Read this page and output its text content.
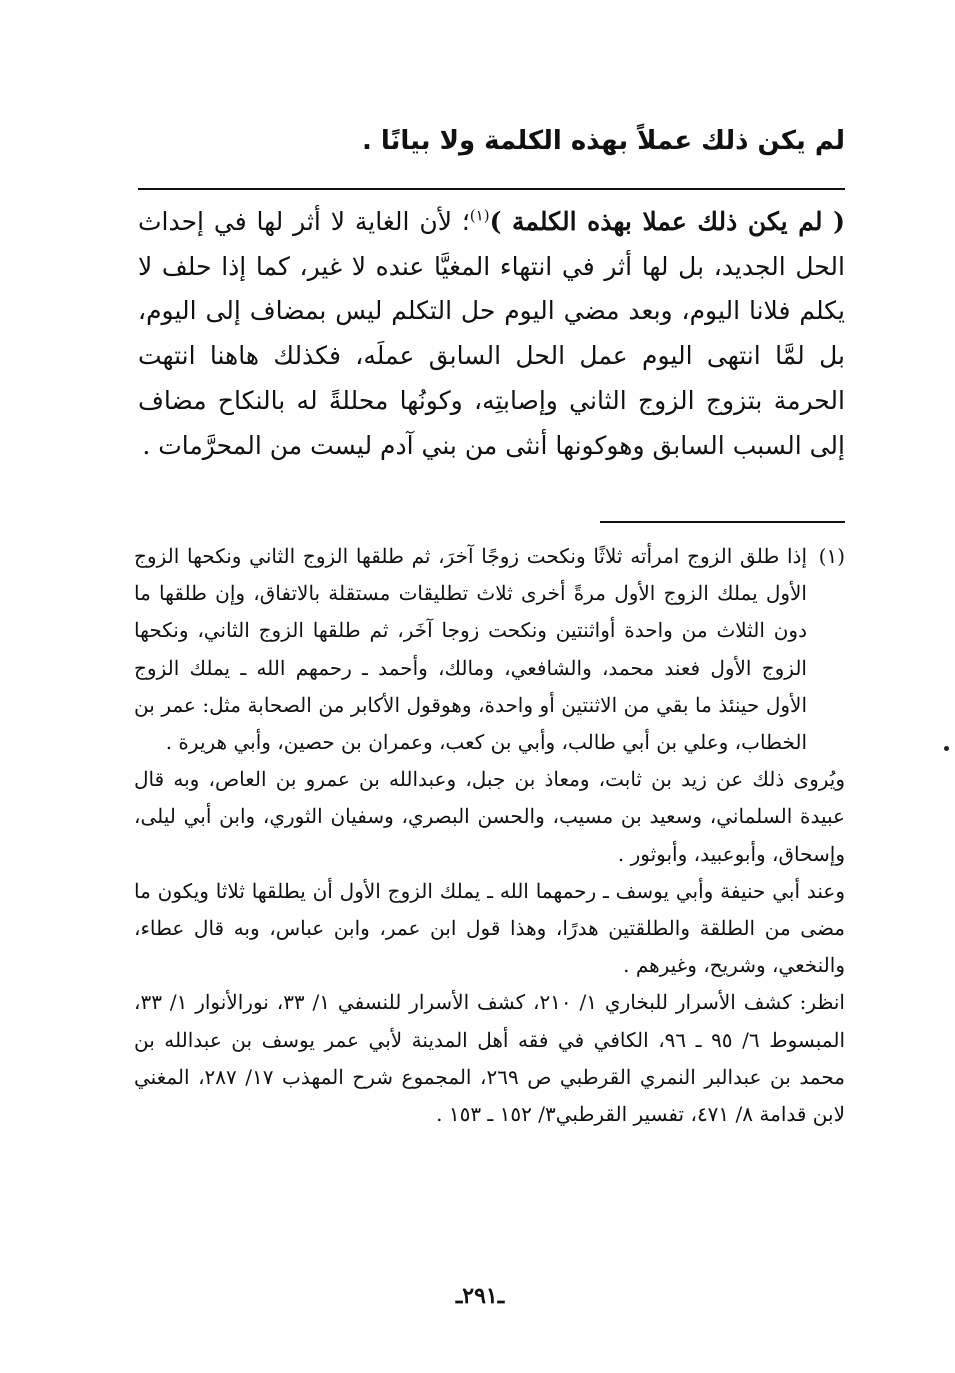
لم يكن ذلك عملاً بهذه الكلمة ولا بيانًا .

( لم يكن ذلك عملا بهذه الكلمة )$^{(١)}$؛ لأن الغاية لا أثر لها في إحداث الحل الجديد، بل لها أثر في انتهاء المغيَّا عنده لا غير، كما إذا حلف لا يكلم فلانا اليوم، وبعد مضي اليوم حل التكلم ليس بمضاف إلى اليوم، بل لمَّا انتهى اليوم عمل الحل السابق عملَه، فكذلك هاهنا انتهت الحرمة بتزوج الزوج الثاني وإصابتِه، وكونُها محللةً له بالنكاح مضاف إلى السبب السابق وهوكونها أنثى من بني آدم ليست من المحرَّمات .

(١)
إذا طلق الزوج امرأته ثلاثًا ونكحت زوجًا آخرَ، ثم طلقها الزوج الثاني ونكحها الزوج الأول يملك الزوج الأول مرةً أخرى ثلاث تطليقات مستقلة بالاتفاق، وإن طلقها ما دون الثلاث من واحدة أواثنتين ونكحت زوجا آخَر، ثم طلقها الزوج الثاني، ونكحها الزوج الأول فعند محمد، والشافعي، ومالك، وأحمد ـ رحمهم الله ـ يملك الزوج الأول حينئذ ما بقي من الاثنتين أو واحدة، وهوقول الأكابر من الصحابة مثل: عمر بن الخطاب، وعلي بن أبي طالب، وأبي بن كعب، وعمران بن حصين، وأبي هريرة .

ويُروى ذلك عن زيد بن ثابت، ومعاذ بن جبل، وعبدالله بن عمرو بن العاص، وبه قال عبيدة السلماني، وسعيد بن مسيب، والحسن البصري، وسفيان الثوري، وابن أبي ليلى، وإسحاق، وأبوعبيد، وأبوثور .

وعند أبي حنيفة وأبي يوسف ـ رحمهما الله ـ يملك الزوج الأول أن يطلقها ثلاثا ويكون ما مضى من الطلقة والطلقتين هدرًا، وهذا قول ابن عمر، وابن عباس، وبه قال عطاء، والنخعي، وشريح، وغيرهم .

انظر: كشف الأسرار للبخاري ١/ ٢١٠، كشف الأسرار للنسفي ١/ ٣٣، نورالأنوار ١/ ٣٣، المبسوط ٦/ ٩٥ ـ ٩٦، الكافي في فقه أهل المدينة لأبي عمر يوسف بن عبدالله بن محمد بن عبدالبر النمري القرطبي ص ٢٦٩، المجموع شرح المهذب ١٧/ ٢٨٧، المغني لابن قدامة ٨/ ٤٧١، تفسير القرطبي٣/ ١٥٢ ـ ١٥٣ .

ـ٢٩١ـ
